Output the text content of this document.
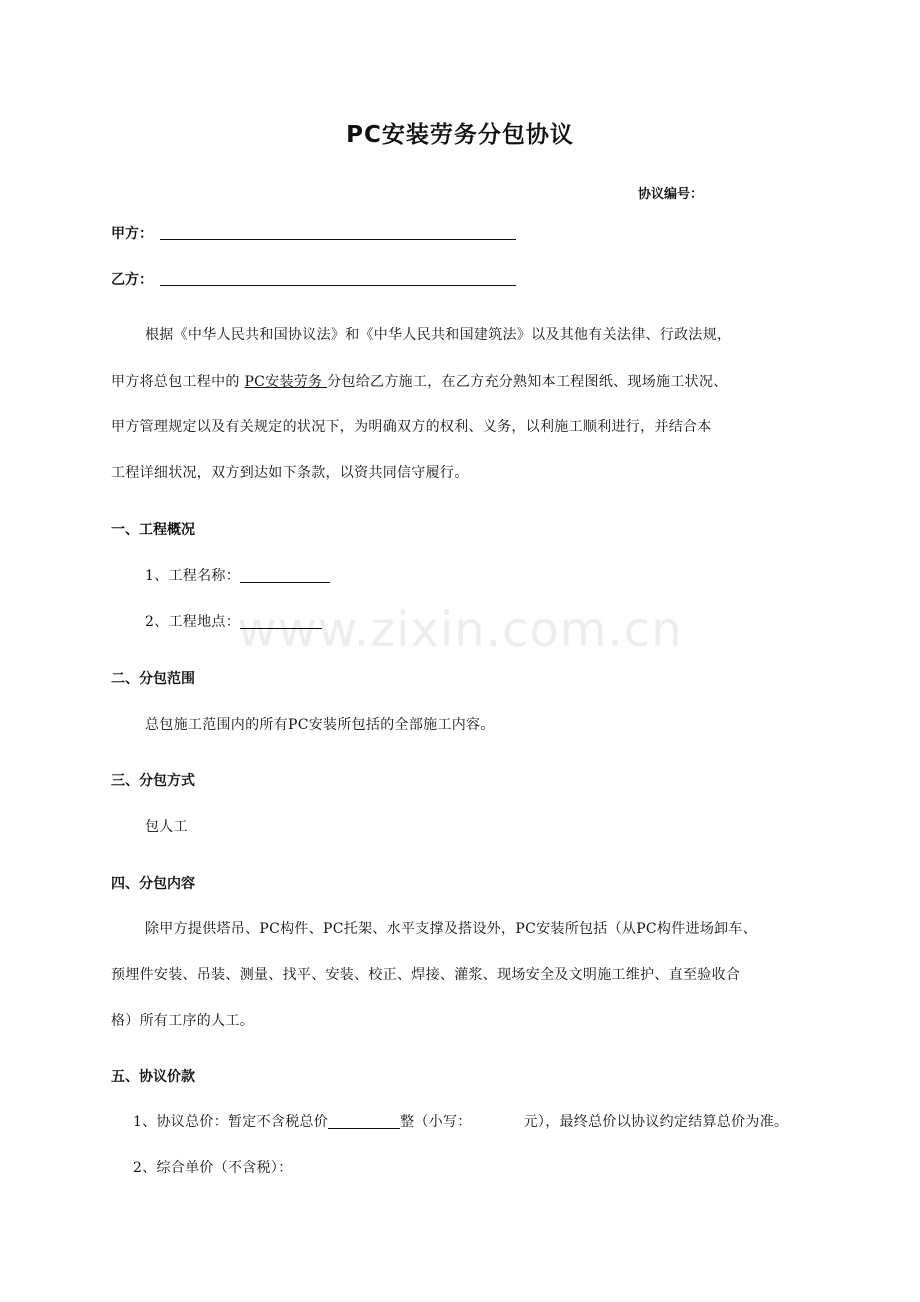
PC安装劳务分包协议
协议编号：
甲方：
乙方：
根据《中华人民共和国协议法》和《中华人民共和国建筑法》以及其他有关法律、行政法规，
甲方将总包工程中的 PC安装劳务 分包给乙方施工，在乙方充分熟知本工程图纸、现场施工状况、
甲方管理规定以及有关规定的状况下，为明确双方的权利、义务，以利施工顺利进行，并结合本
工程详细状况，双方到达如下条款，以资共同信守履行。
一、工程概况
1、工程名称：
2、工程地点：
二、分包范围
总包施工范围内的所有PC安装所包括的全部施工内容。
三、分包方式
包人工
四、分包内容
除甲方提供塔吊、PC构件、PC托架、水平支撑及搭设外，PC安装所包括（从PC构件进场卸车、
预埋件安装、吊装、测量、找平、安装、校正、焊接、灌浆、现场安全及文明施工维护、直至验收合
格）所有工序的人工。
五、协议价款
1、协议总价：暂定不含税总价	整（小写：	元），最终总价以协议约定结算总价为准。
2、综合单价（不含税）：
www.zixin.com.cn
